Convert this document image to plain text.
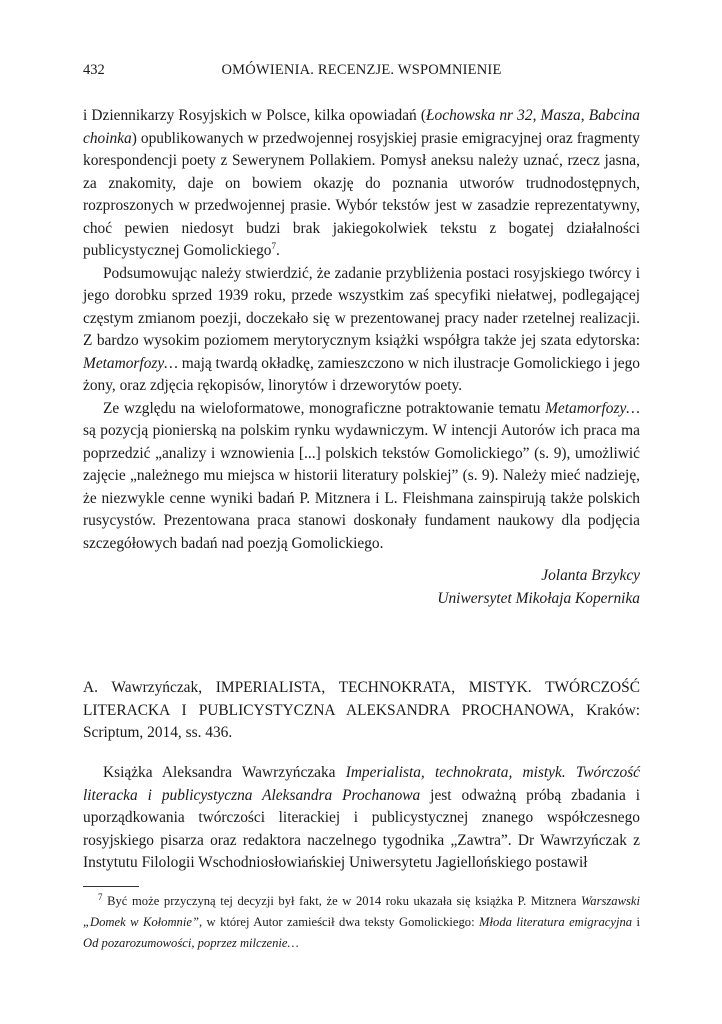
432	OMÓWIENIA. RECENZJE. WSPOMNIENIE

i Dziennikarzy Rosyjskich w Polsce, kilka opowiadań (Łochowska nr 32, Masza, Babcina choinka) opublikowanych w przedwojennej rosyjskiej prasie emigracyjnej oraz fragmenty korespondencji poety z Sewerynem Pollakiem. Pomysł aneksu należy uznać, rzecz jasna, za znakomity, daje on bowiem okazję do poznania utworów trudnodostępnych, rozproszonych w przedwojennej prasie. Wybór tekstów jest w zasadzie reprezentatywny, choć pewien niedosyt budzi brak jakiegokolwiek tekstu z bogatej działalności publicystycznej Gomolickiego$^7$.

Podsumowując należy stwierdzić, że zadanie przybliżenia postaci rosyjskiego twórcy i jego dorobku sprzed 1939 roku, przede wszystkim zaś specyfiki niełatwej, podlegającej częstym zmianom poezji, doczekało się w prezentowanej pracy nader rzetelnej realizacji. Z bardzo wysokim poziomem merytorycznym książki współgra także jej szata edytorska: Metamorfozy… mają twardą okładkę, zamieszczono w nich ilustracje Gomolickiego i jego żony, oraz zdjęcia rękopisów, linorytów i drzeworytów poety.

Ze względu na wieloformatowe, monograficzne potraktowanie tematu Metamorfozy… są pozycją pionierską na polskim rynku wydawniczym. W intencji Autorów ich praca ma poprzedzić „analizy i wznowienia [...] polskich tekstów Gomolickiego” (s. 9), umożliwić zajęcie „należnego mu miejsca w historii literatury polskiej” (s. 9). Należy mieć nadzieję, że niezwykle cenne wyniki badań P. Mitznera i L. Fleishmana zainspirują także polskich rusycystów. Prezentowana praca stanowi doskonały fundament naukowy dla podjęcia szczegółowych badań nad poezją Gomolickiego.

Jolanta Brzykcy
Uniwersytet Mikołaja Kopernika

A. Wawrzyńczak, IMPERIALISTA, TECHNOKRATA, MISTYK. TWÓRCZOŚĆ LITERACKA I PUBLICYSTYCZNA ALEKSANDRA PROCHANOWA, Kraków: Scriptum, 2014, ss. 436.

Książka Aleksandra Wawrzyńczaka Imperialista, technokrata, mistyk. Twórczość literacka i publicystyczna Aleksandra Prochanowa jest odważną próbą zbadania i uporządkowania twórczości literackiej i publicystycznej znanego współczesnego rosyjskiego pisarza oraz redaktora naczelnego tygodnika „Zawtra”. Dr Wawrzyńczak z Instytutu Filologii Wschodniosłowiańskiej Uniwersytetu Jagiellońskiego postawił

$^7$ Być może przyczyną tej decyzji był fakt, że w 2014 roku ukazała się książka P. Mitznera Warszawski „Domek w Kołomnie”, w której Autor zamieścił dwa teksty Gomolickiego: Młoda literatura emigracyjna i Od pozarozumowości, poprzez milczenie…
